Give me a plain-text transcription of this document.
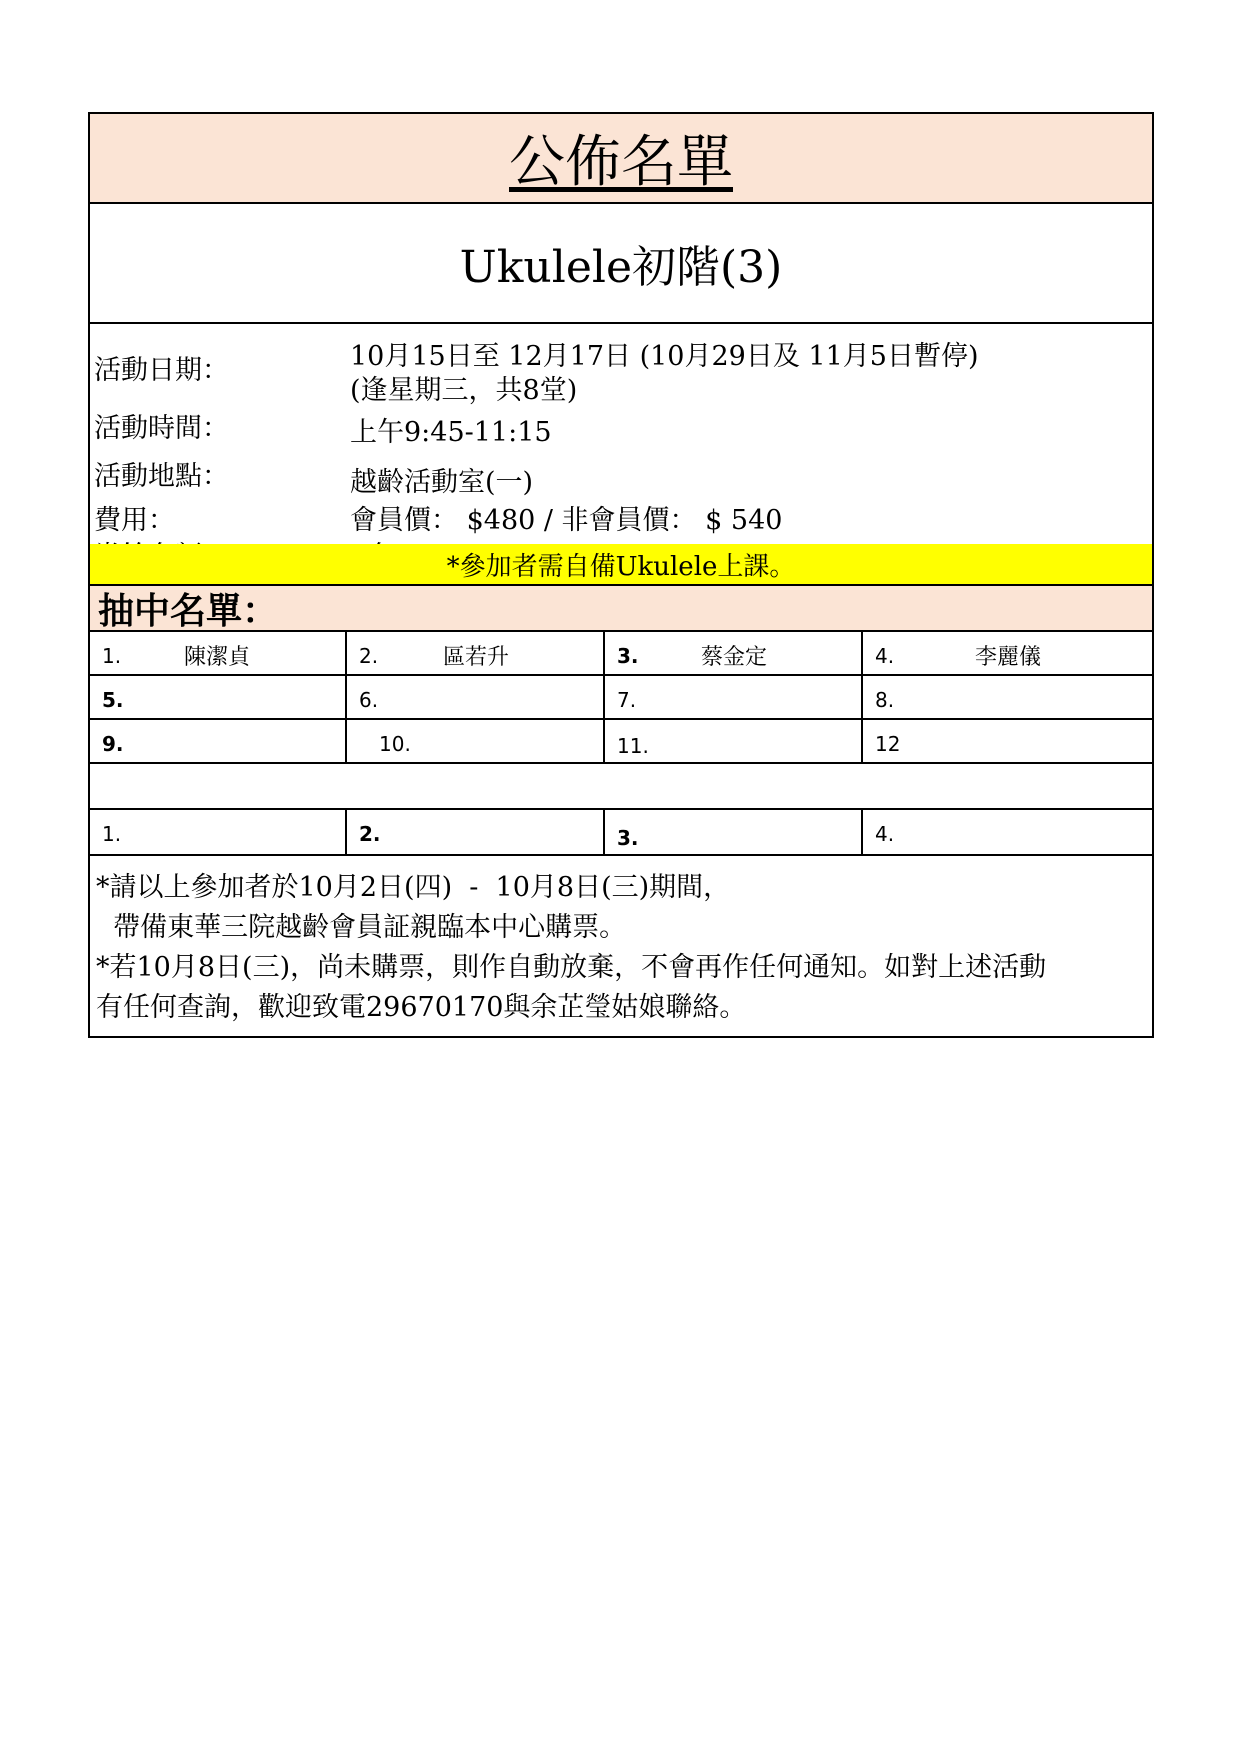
公佈名單
Ukulele初階(3)
活動日期：	10月15日至 12月17日 (10月29日及 11月5日暫停)
(逢星期三，共8堂)
活動時間：	上午9:45-11:15
活動地點：	越齡活動室(一)
費用：	會員價： $480 / 非會員價： $ 540
*參加者需自備Ukulele上課。
抽中名單：
1.	陳潔貞	2.	區若升	3.	蔡金定	4.	李麗儀
5.	6.	7.	8.
9.	10.	11.	12
1.	2.	3.	4.
*請以上參加者於10月2日(四)  -  10月8日(三)期間，
帶備東華三院越齡會員証親臨本中心購票。
*若10月8日(三)，尚未購票，則作自動放棄，不會再作任何通知。如對上述活動
有任何查詢，歡迎致電29670170與余芷瑩姑娘聯絡。
